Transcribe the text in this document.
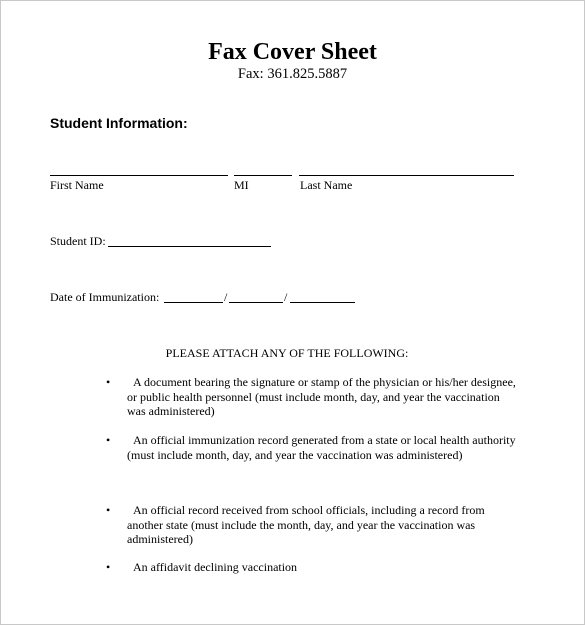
Fax Cover Sheet
Fax: 361.825.5887
Student Information:
First Name	MI	Last Name
Student ID:
Date of Immunization:	/	/
PLEASE ATTACH ANY OF THE FOLLOWING:
•	A document bearing the signature or stamp of the physician or his/her designee, or public health personnel (must include month, day, and year the vaccination was administered)
•	An official immunization record generated from a state or local health authority (must include month, day, and year the vaccination was administered)
•	An official record received from school officials, including a record from another state (must include the month, day, and year the vaccination was administered)
•	An affidavit declining vaccination
